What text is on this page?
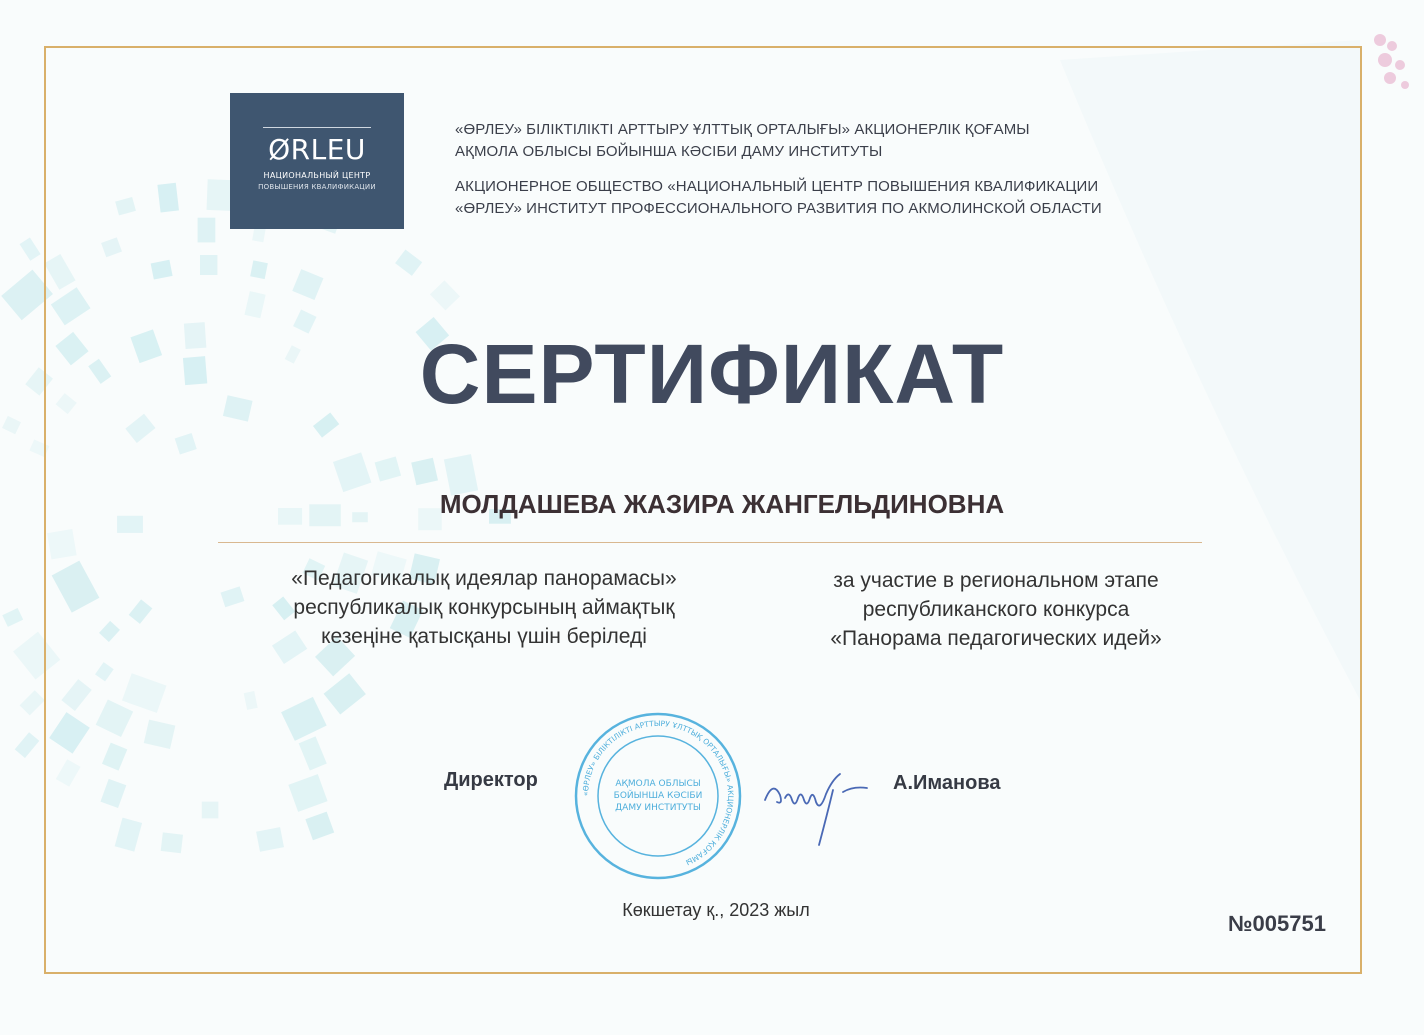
ØRLEU
НАЦИОНАЛЬНЫЙ ЦЕНТР
ПОВЫШЕНИЯ КВАЛИФИКАЦИИ
«ӨРЛЕУ» БІЛІКТІЛІКТІ АРТТЫРУ ҰЛТТЫҚ ОРТАЛЫҒЫ» АКЦИОНЕРЛІК ҚОҒАМЫ
АҚМОЛА ОБЛЫСЫ БОЙЫНША КӘСІБИ ДАМУ ИНСТИТУТЫ
АКЦИОНЕРНОЕ ОБЩЕСТВО «НАЦИОНАЛЬНЫЙ ЦЕНТР ПОВЫШЕНИЯ КВАЛИФИКАЦИИ
«ӨРЛЕУ» ИНСТИТУТ ПРОФЕССИОНАЛЬНОГО РАЗВИТИЯ ПО АКМОЛИНСКОЙ ОБЛАСТИ
СЕРТИФИКАТ
МОЛДАШЕВА ЖАЗИРА ЖАНГЕЛЬДИНОВНА
«Педагогикалық идеялар панорамасы»
республикалық конкурсының аймақтық
кезеңіне қатысқаны үшін беріледі
за участие в региональном этапе
республиканского конкурса
«Панорама педагогических идей»
Директор
«ӨРЛЕУ» БІЛІКТІЛІКТІ АРТТЫРУ ҰЛТТЫҚ ОРТАЛЫҒЫ» АКЦИОНЕРЛІК ҚОҒАМЫ
АҚМОЛА ОБЛЫСЫ
БОЙЫНША КӘСІБИ
ДАМУ ИНСТИТУТЫ
А.Иманова
Көкшетау қ., 2023 жыл
№005751
